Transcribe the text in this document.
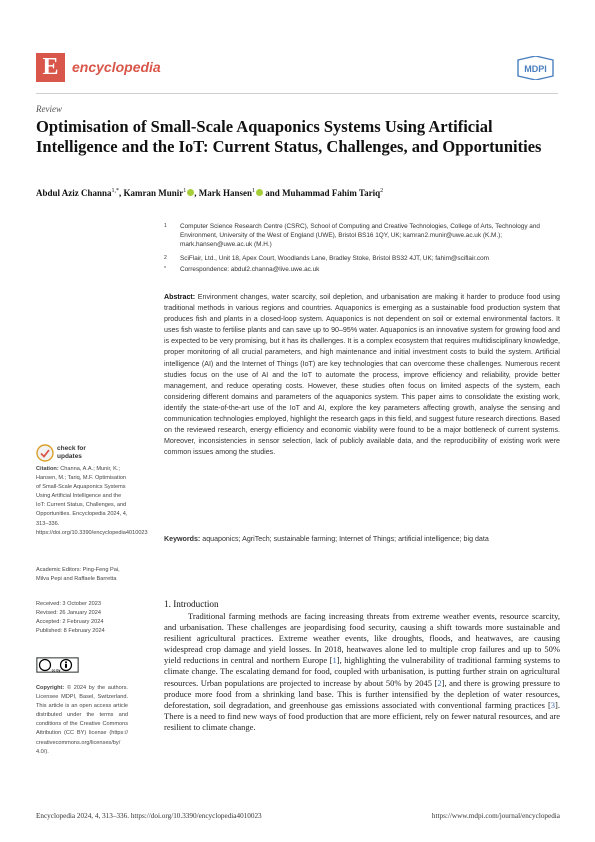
E encyclopedia	MDPI
Review
Optimisation of Small-Scale Aquaponics Systems Using Artificial Intelligence and the IoT: Current Status, Challenges, and Opportunities
Abdul Aziz Channa$^{1,*}$, Kamran Munir$^1$ , Mark Hansen$^1$ and Muhammad Fahim Tariq$^2$
1 Computer Science Research Centre (CSRC), School of Computing and Creative Technologies, College of Arts, Technology and Environment, University of the West of England (UWE), Bristol BS16 1QY, UK; kamran2.munir@uwe.ac.uk (K.M.); mark.hansen@uwe.ac.uk (M.H.)
2 SciFlair, Ltd., Unit 18, Apex Court, Woodlands Lane, Bradley Stoke, Bristol BS32 4JT, UK; fahim@sciflair.com
* Correspondence: abdul2.channa@live.uwe.ac.uk
Abstract: Environment changes, water scarcity, soil depletion, and urbanisation are making it harder to produce food using traditional methods in various regions and countries. Aquaponics is emerging as a sustainable food production system that produces fish and plants in a closed-loop system. Aquaponics is not dependent on soil or external environmental factors. It uses fish waste to fertilise plants and can save up to 90–95% water. Aquaponics is an innovative system for growing food and is expected to be very promising, but it has its challenges. It is a complex ecosystem that requires multidisciplinary knowledge, proper monitoring of all crucial parameters, and high maintenance and initial investment costs to build the system. Artificial intelligence (AI) and the Internet of Things (IoT) are key technologies that can overcome these challenges. Numerous recent studies focus on the use of AI and the IoT to automate the process, improve efficiency and reliability, provide better management, and reduce operating costs. However, these studies often focus on limited aspects of the system, each considering different domains and parameters of the aquaponics system. This paper aims to consolidate the existing work, identify the state-of-the-art use of the IoT and AI, explore the key parameters affecting growth, analyse the sensing and communication technologies employed, highlight the research gaps in this field, and suggest future research directions. Based on the reviewed research, energy efficiency and economic viability were found to be a major bottleneck of current systems. Moreover, inconsistencies in sensor selection, lack of publicly available data, and the reproducibility of existing work were common issues among the studies.
Keywords: aquaponics; AgriTech; sustainable farming; Internet of Things; artificial intelligence; big data
check for
updates
Citation: Channa, A.A.; Munir, K.; Hansen, M.; Tariq, M.F. Optimisation of Small-Scale Aquaponics Systems Using Artificial Intelligence and the IoT: Current Status, Challenges, and Opportunities. Encyclopedia 2024, 4, 313–336. https://doi.org/10.3390/encyclopedia4010023
Academic Editors: Ping-Feng Pai, Milva Pepi and Raffaele Barretta
Received: 3 October 2023
Revised: 26 January 2024
Accepted: 2 February 2024
Published: 8 February 2024
cc by
Copyright: © 2024 by the authors. Licensee MDPI, Basel, Switzerland. This article is an open access article distributed under the terms and conditions of the Creative Commons Attribution (CC BY) license (https:// creativecommons.org/licenses/by/ 4.0/).
1. Introduction
Traditional farming methods are facing increasing threats from extreme weather events, resource scarcity, and urbanisation. These challenges are jeopardising food security, causing a shift towards more sustainable and resilient agricultural practices. Extreme weather events, like droughts, floods, and heatwaves, are causing widespread crop damage and yield losses. In 2018, heatwaves alone led to multiple crop failures and up to 50% yield reductions in central and northern Europe [1], highlighting the vulnerability of traditional farming systems to climate change. The escalating demand for food, coupled with urbanisation, is putting further strain on agricultural resources. Urban populations are projected to increase by about 50% by 2045 [2], and there is growing pressure to produce more food from a shrinking land base. This is further intensified by the depletion of water resources, deforestation, soil degradation, and greenhouse gas emissions associated with conventional farming practices [3]. There is a need to find new ways of food production that are more efficient, rely on fewer natural resources, and are resilient to climate change.
Encyclopedia 2024, 4, 313–336. https://doi.org/10.3390/encyclopedia4010023	https://www.mdpi.com/journal/encyclopedia
